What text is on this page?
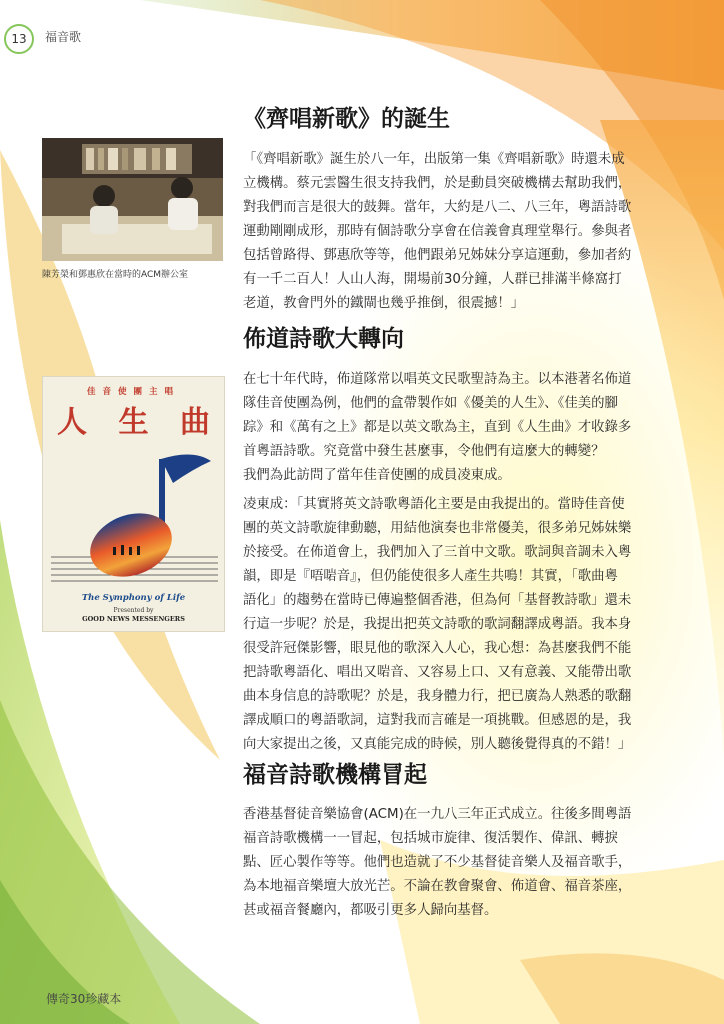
13	福音歌
陳芳榮和鄧惠欣在當時的ACM辦公室
佳音使團主唱
人 生 曲
The Symphony of Life
Presented by
GOOD NEWS MESSENGERS
《齊唱新歌》的誕生

「《齊唱新歌》誕生於八一年，出版第一集《齊唱新歌》時還未成
立機構。蔡元雲醫生很支持我們，於是動員突破機構去幫助我們，
對我們而言是很大的鼓舞。當年，大約是八二、八三年，粵語詩歌
運動剛剛成形，那時有個詩歌分享會在信義會真理堂舉行。參與者
包括曾路得、鄧惠欣等等，他們跟弟兄姊妹分享這運動，參加者約
有一千二百人！人山人海，開場前30分鐘，人群已排滿半條窩打
老道，教會門外的鐵閘也幾乎推倒，很震撼！」

佈道詩歌大轉向

在七十年代時，佈道隊常以唱英文民歌聖詩為主。以本港著名佈道
隊佳音使團為例，他們的盒帶製作如《優美的人生》、《佳美的腳
踪》和《萬有之上》都是以英文歌為主，直到《人生曲》才收錄多
首粵語詩歌。究竟當中發生甚麼事，令他們有這麼大的轉變？
我們為此訪問了當年佳音使團的成員凌東成。

凌東成：「其實將英文詩歌粵語化主要是由我提出的。當時佳音使
團的英文詩歌旋律動聽，用結他演奏也非常優美，很多弟兄姊妹樂
於接受。在佈道會上，我們加入了三首中文歌。歌詞與音調未入粵
韻，即是『唔啱音』，但仍能使很多人產生共鳴！其實，「歌曲粵
語化」的趨勢在當時已傳遍整個香港，但為何「基督教詩歌」還未
行這一步呢？於是，我提出把英文詩歌的歌詞翻譯成粵語。我本身
很受許冠傑影響，眼見他的歌深入人心，我心想：為甚麼我們不能
把詩歌粵語化、唱出又啱音、又容易上口、又有意義、又能帶出歌
曲本身信息的詩歌呢？於是，我身體力行，把已廣為人熟悉的歌翻
譯成順口的粵語歌詞，這對我而言確是一項挑戰。但感恩的是，我
向大家提出之後，又真能完成的時候，別人聽後覺得真的不錯！」

福音詩歌機構冒起

香港基督徒音樂協會(ACM)在一九八三年正式成立。往後多間粵語
福音詩歌機構一一冒起，包括城市旋律、復活製作、偉訊、轉捩
點、匠心製作等等。他們也造就了不少基督徒音樂人及福音歌手，
為本地福音樂壇大放光芒。不論在教會聚會、佈道會、福音茶座，
甚或福音餐廳內，都吸引更多人歸向基督。

傳奇30珍藏本
